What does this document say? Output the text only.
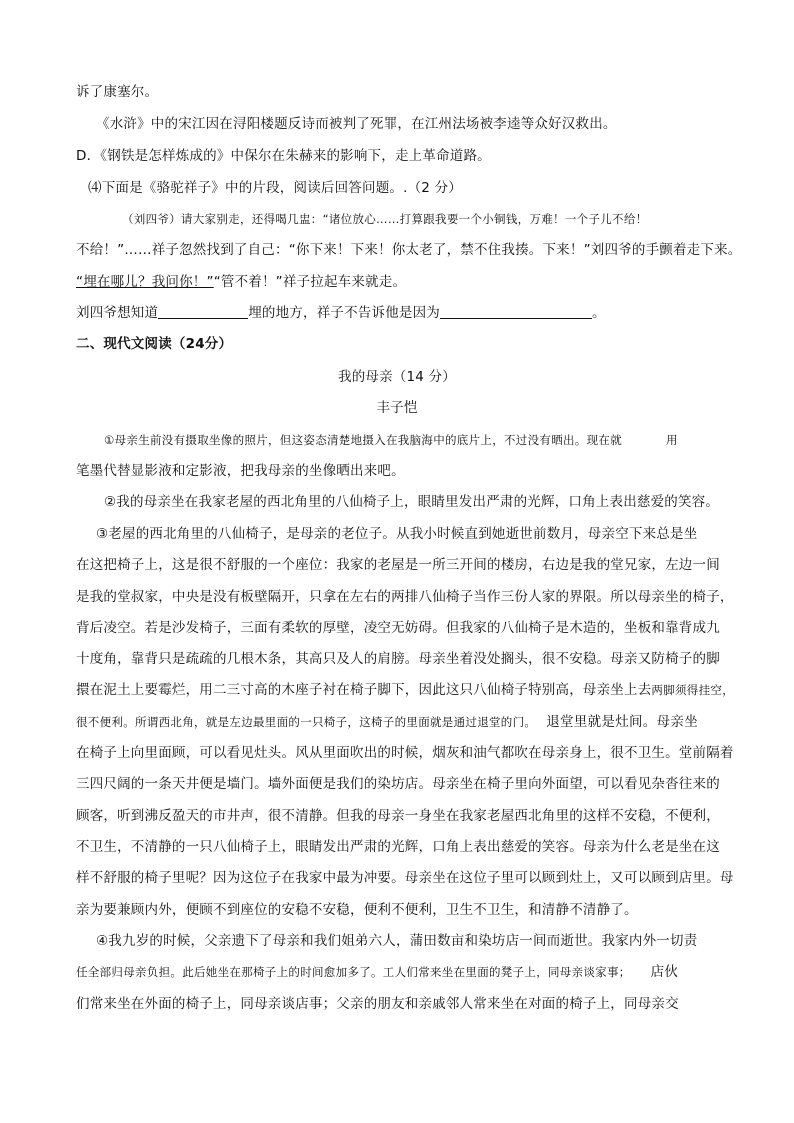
诉了康塞尔。
《水浒》中的宋江因在浔阳楼题反诗而被判了死罪，在江州法场被李逵等众好汉救出。
D．《钢铁是怎样炼成的》中保尔在朱赫来的影响下，走上革命道路。
⑷下面是《骆驼祥子》中的片段，阅读后回答问题。.（2 分）
（刘四爷）请大家别走，还得喝几盅：“诸位放心……打算跟我要一个小铜钱，万难！一个子儿不给！
不给！”……祥子忽然找到了自己：“你下来！下来！你太老了，禁不住我揍。下来！”刘四爷的手颤着走下来。
“埋在哪儿？我问你！”“管不着！”祥子拉起车来就走。
刘四爷想知道	埋的地方，祥子不告诉他是因为	。
二、现代文阅读（24分）
我的母亲（14 分）
丰子恺
①母亲生前没有摄取坐像的照片，但这姿态清楚地摄入在我脑海中的底片上，不过没有晒出。现在就	用
笔墨代替显影液和定影液，把我母亲的坐像晒出来吧。
②我的母亲坐在我家老屋的西北角里的八仙椅子上，眼睛里发出严肃的光辉，口角上表出慈爱的笑容。
③老屋的西北角里的八仙椅子，是母亲的老位子。从我小时候直到她逝世前数月，母亲空下来总是坐
在这把椅子上，这是很不舒服的一个座位：我家的老屋是一所三开间的楼房，右边是我的堂兄家，左边一间
是我的堂叔家，中央是没有板壁隔开，只拿在左右的两排八仙椅子当作三份人家的界限。所以母亲坐的椅子，
背后凌空。若是沙发椅子，三面有柔软的厚壁，凌空无妨碍。但我家的八仙椅子是木造的，坐板和靠背成九
十度角，靠背只是疏疏的几根木条，其高只及人的肩膀。母亲坐着没处搁头，很不安稳。母亲又防椅子的脚
擐在泥土上要霉烂，用二三寸高的木座子衬在椅子脚下，因此这只八仙椅子特别高，母亲坐上去两脚须得挂空，
很不便利。所谓西北角，就是左边最里面的一只椅子，这椅子的里面就是通过退堂的门。 退堂里就是灶间。母亲坐
在椅子上向里面顾，可以看见灶头。风从里面吹出的时候，烟灰和油气都吹在母亲身上，很不卫生。堂前隔着
三四尺阔的一条天井便是墙门。墙外面便是我们的染坊店。母亲坐在椅子里向外面望，可以看见杂沓往来的
顾客，听到沸反盈天的市井声，很不清静。但我的母亲一身坐在我家老屋西北角里的这样不安稳，不便利，
不卫生，不清静的一只八仙椅子上，眼睛发出严肃的光辉，口角上表出慈爱的笑容。母亲为什么老是坐在这
样不舒服的椅子里呢？因为这位子在我家中最为冲要。母亲坐在这位子里可以顾到灶上，又可以顾到店里。母
亲为要兼顾内外，便顾不到座位的安稳不安稳，便利不便利，卫生不卫生，和清静不清静了。
④我九岁的时候，父亲遗下了母亲和我们姐弟六人，蒲田数亩和染坊店一间而逝世。我家内外一切责
任全部归母亲负担。此后她坐在那椅子上的时间愈加多了。工人们常来坐在里面的凳子上，同母亲谈家事； 店伙
们常来坐在外面的椅子上，同母亲谈店事；父亲的朋友和亲戚邻人常来坐在对面的椅子上，同母亲交
